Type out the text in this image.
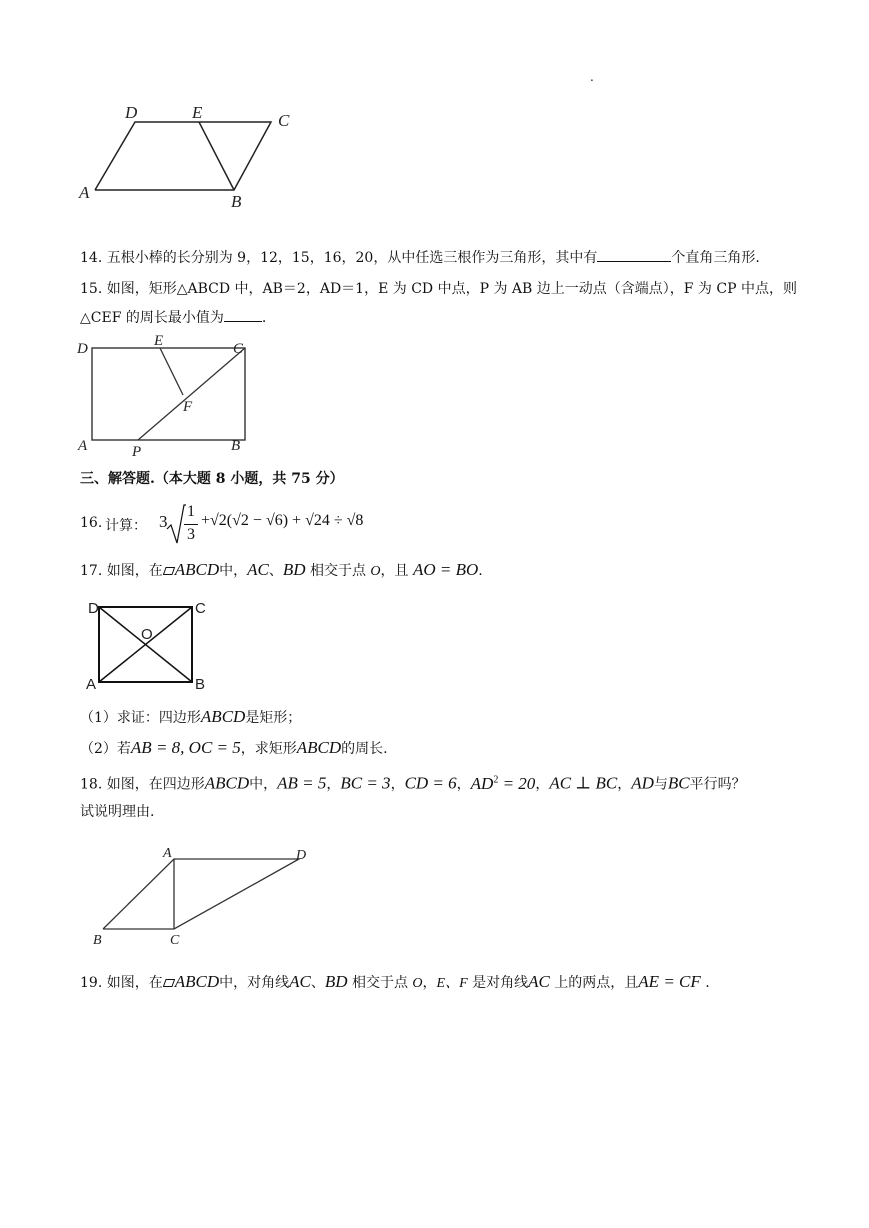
.
A	B
C
D	E
14. 五根小棒的长分别为 9，12，15，16，20，从中任选三根作为三角形，其中有	个直角三角形.
15. 如图，矩形△ABCD 中，AB＝2，AD＝1，E 为 CD 中点，P 为 AB 边上一动点（含端点），F 为 CP 中点，则
△CEF 的周长最小值为	.
D	E	C
F
A	P	B
三、解答题.（本大题 8 小题，共 75 分）
16. 计算： 3
1
3
+√2(√2 − √6) + √24 ÷ √8
17. 如图，在 ABCD中，AC、BD 相交于点 O，且 AO = BO.
D	C
O
A	B
（1）求证：四边形ABCD是矩形；
（2）若AB = 8, OC = 5，求矩形ABCD的周长.
18. 如图，在四边形ABCD中，AB = 5，BC = 3，CD = 6，$AD^2 = 20$，AC ⊥ BC，AD与BC平行吗？
试说明理由.
A	D
B	C
19. 如图，在 ABCD中，对角线AC、BD 相交于点 O，E、F 是对角线AC 上的两点，且AE = CF .
